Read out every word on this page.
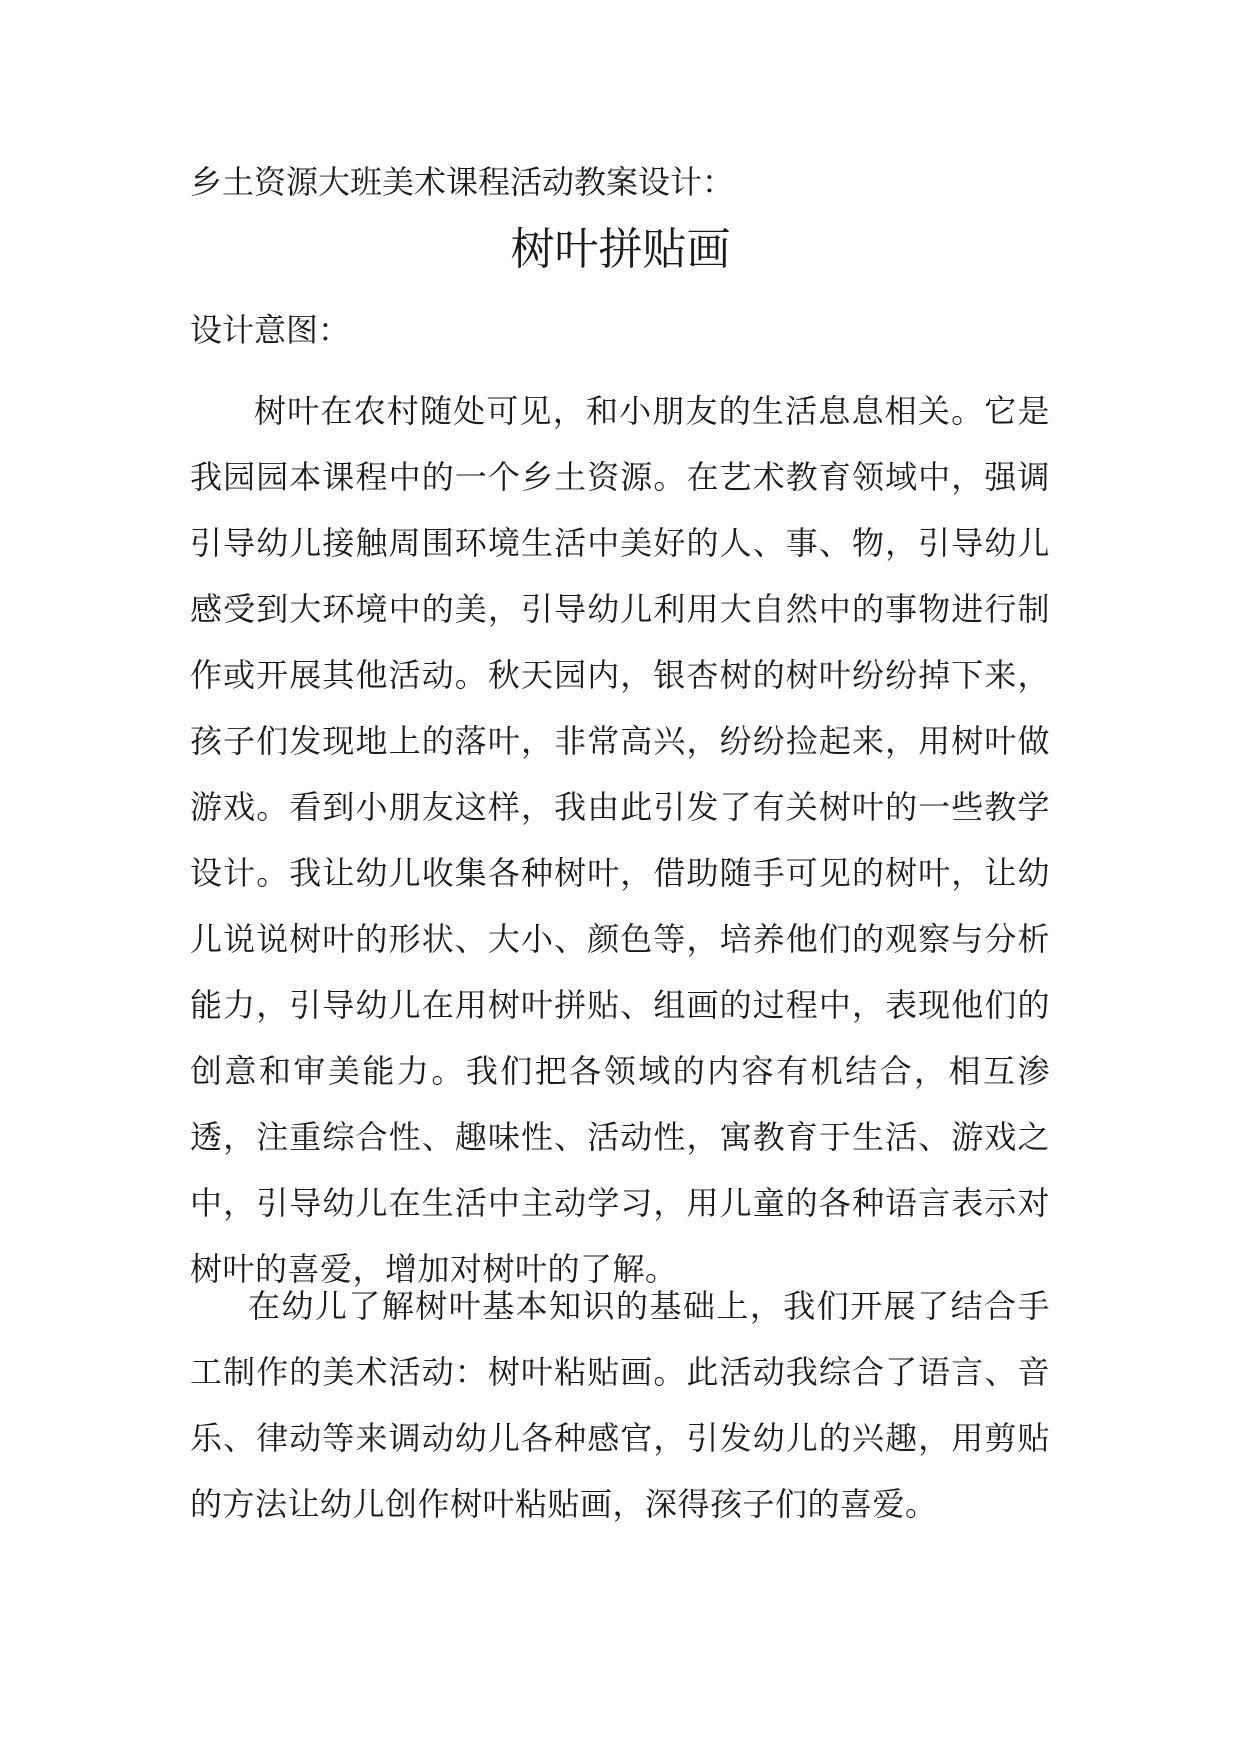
乡土资源大班美术课程活动教案设计：
树叶拼贴画
设计意图：

树叶在农村随处可见，和小朋友的生活息息相关。它是我园园本课程中的一个乡土资源。在艺术教育领域中，强调引导幼儿接触周围环境生活中美好的人、事、物，引导幼儿感受到大环境中的美，引导幼儿利用大自然中的事物进行制作或开展其他活动。秋天园内，银杏树的树叶纷纷掉下来，孩子们发现地上的落叶，非常高兴，纷纷捡起来，用树叶做游戏。看到小朋友这样，我由此引发了有关树叶的一些教学设计。我让幼儿收集各种树叶，借助随手可见的树叶，让幼儿说说树叶的形状、大小、颜色等，培养他们的观察与分析能力，引导幼儿在用树叶拼贴、组画的过程中，表现他们的创意和审美能力。我们把各领域的内容有机结合，相互渗透，注重综合性、趣味性、活动性，寓教育于生活、游戏之中，引导幼儿在生活中主动学习，用儿童的各种语言表示对树叶的喜爱，增加对树叶的了解。

在幼儿了解树叶基本知识的基础上，我们开展了结合手工制作的美术活动：树叶粘贴画。此活动我综合了语言、音乐、律动等来调动幼儿各种感官，引发幼儿的兴趣，用剪贴的方法让幼儿创作树叶粘贴画，深得孩子们的喜爱。
